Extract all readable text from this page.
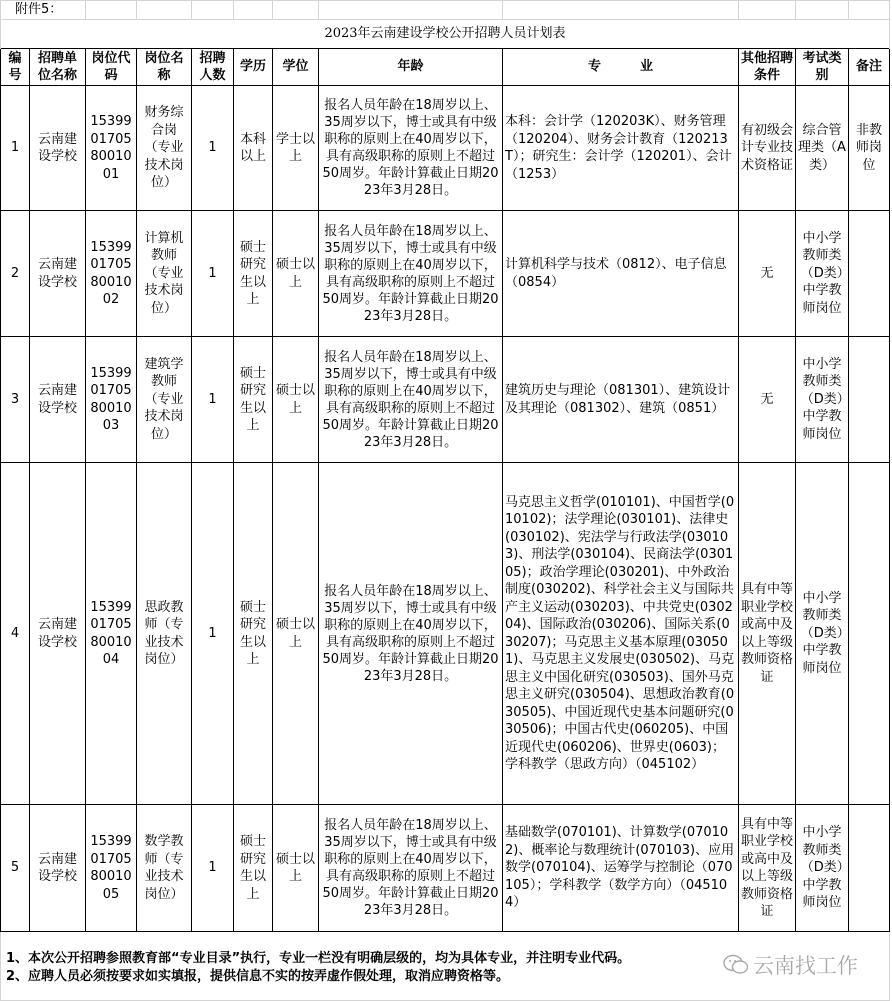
附件5：											
2023年云南建设学校公开招聘人员计划表											
编号	招聘单位名称	岗位代码	岗位名称	招聘人数	学历	学位	年龄	专　　　业	其他招聘条件	考试类别	备注
1	云南建设学校	15399017058001001	财务综合岗（专业技术岗位）	1	本科以上	学士以上	报名人员年龄在18周岁以上、35周岁以下，博士或具有中级职称的原则上在40周岁以下，具有高级职称的原则上不超过50周岁。年龄计算截止日期2023年3月28日。	本科：会计学（120203K）、财务管理（120204）、财务会计教育（120213T）；研究生：会计学（120201）、会计（1253）	有初级会计专业技术资格证	综合管理类（A类）	非教师岗位
2	云南建设学校	15399017058001002	计算机教师（专业技术岗位）	1	硕士研究生以上	硕士以上	报名人员年龄在18周岁以上、35周岁以下，博士或具有中级职称的原则上在40周岁以下，具有高级职称的原则上不超过50周岁。年龄计算截止日期2023年3月28日。	计算机科学与技术（0812）、电子信息（0854）	无	中小学教师类（D类）中学教师岗位	
3	云南建设学校	15399017058001003	建筑学教师（专业技术岗位）	1	硕士研究生以上	硕士以上	报名人员年龄在18周岁以上、35周岁以下，博士或具有中级职称的原则上在40周岁以下，具有高级职称的原则上不超过50周岁。年龄计算截止日期2023年3月28日。	建筑历史与理论（081301）、建筑设计及其理论（081302）、建筑（0851）	无	中小学教师类（D类）中学教师岗位	
4	云南建设学校	15399017058001004	思政教师（专业技术岗位）	1	硕士研究生以上	硕士以上	报名人员年龄在18周岁以上、35周岁以下，博士或具有中级职称的原则上在40周岁以下，具有高级职称的原则上不超过50周岁。年龄计算截止日期2023年3月28日。	马克思主义哲学(010101)、中国哲学(010102)；法学理论(030101)、法律史(030102)、宪法学与行政法学(030103)、刑法学(030104)、民商法学(030105)；政治学理论(030201)、中外政治制度(030202)、科学社会主义与国际共产主义运动(030203)、中共党史(030204)、国际政治(030206)、国际关系(030207)；马克思主义基本原理(030501)、马克思主义发展史(030502)、马克思主义中国化研究(030503)、国外马克思主义研究(030504)、思想政治教育(030505)、中国近现代史基本问题研究(030506)；中国古代史(060205)、中国近现代史(060206)、世界史(0603)；学科教学（思政方向）（045102）	具有中等职业学校或高中及以上等级教师资格证	中小学教师类（D类）中学教师岗位	
5	云南建设学校	15399017058001005	数学教师（专业技术岗位）	1	硕士研究生以上	硕士以上	报名人员年龄在18周岁以上、35周岁以下，博士或具有中级职称的原则上在40周岁以下，具有高级职称的原则上不超过50周岁。年龄计算截止日期2023年3月28日。	基础数学(070101)、计算数学(070102)、概率论与数理统计(070103)、应用数学(070104)、运筹学与控制论（070105）；学科教学（数学方向）（045104）	具有中等职业学校或高中及以上等级教师资格证	中小学教师类（D类）中学教师岗位	
1、本次公开招聘参照教育部“专业目录”执行，专业一栏没有明确层级的，均为具体专业，并注明专业代码。
2、应聘人员必须按要求如实填报，提供信息不实的按弄虚作假处理，取消应聘资格等。	云南找工作
